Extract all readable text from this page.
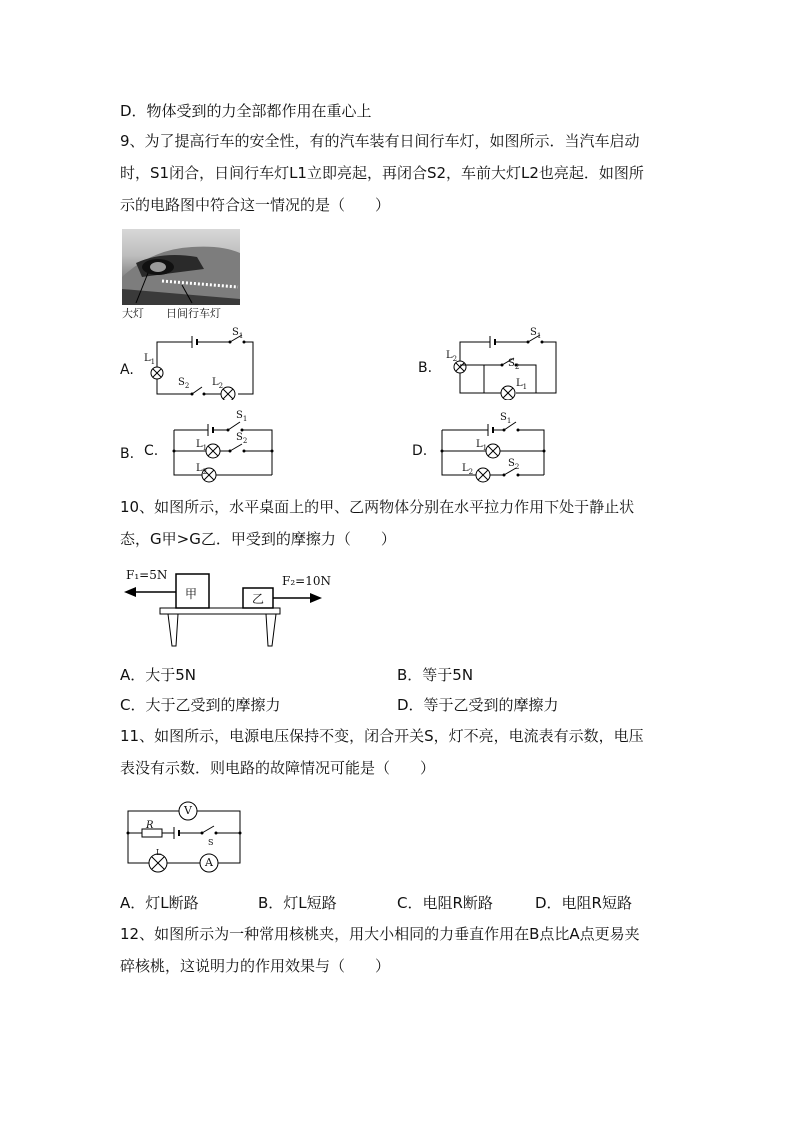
D．物体受到的力全部都作用在重心上
9、为了提高行车的安全性，有的汽车装有日间行车灯，如图所示．当汽车启动
时，S1闭合，日间行车灯L1立即亮起，再闭合S2，车前大灯L2也亮起．如图所
示的电路图中符合这一情况的是（　　）
大灯 日间行车灯
A.
$L_1$
$S_1$
$S_2$ $L_2$
B.
$L_2$
$S_1$
$S_2$
$L_1$
B. C.
$S_1$
$L_1$
$S_2$
$L_2$
D.
$S_1$
$L_1$
$L_2$
$S_2$
10、如图所示，水平桌面上的甲、乙两物体分别在水平拉力作用下处于静止状
态，G甲>G乙．甲受到的摩擦力（　　）
F₁=5N	F₂=10N
甲	乙
A．大于5N	B．等于5N
C．大于乙受到的摩擦力	D．等于乙受到的摩擦力
11、如图所示，电源电压保持不变，闭合开关S，灯不亮，电流表有示数，电压
表没有示数．则电路的故障情况可能是（　　）
V
A
R
L
S
A．灯L断路	B．灯L短路	C．电阻R断路	D．电阻R短路
12、如图所示为一种常用核桃夹，用大小相同的力垂直作用在B点比A点更易夹
碎核桃，这说明力的作用效果与（　　）
